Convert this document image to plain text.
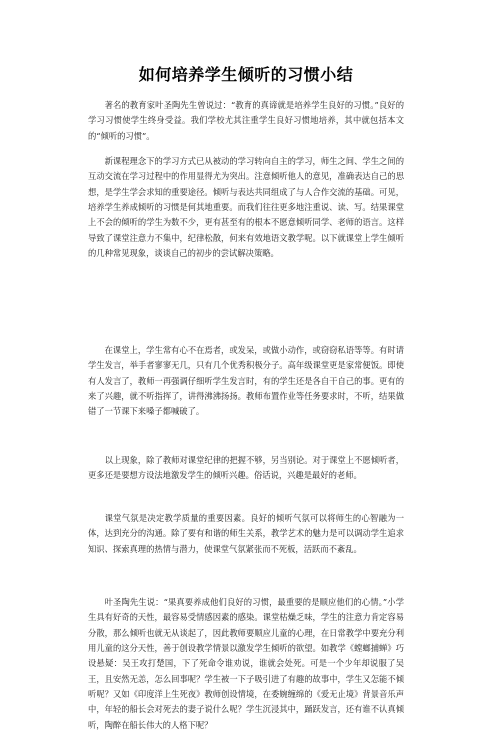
如何培养学生倾听的习惯小结

著名的教育家叶圣陶先生曾说过：“教育的真谛就是培养学生良好的习惯。”良好的学习习惯使学生终身受益。我们学校尤其注重学生良好习惯地培养，其中就包括本文的“倾听的习惯”。

新课程理念下的学习方式已从被动的学习转向自主的学习，师生之间、学生之间的互动交流在学习过程中的作用显得尤为突出。注意倾听他人的意见，准确表达自己的思想，是学生学会求知的重要途径。倾听与表达共同组成了与人合作交流的基础。可见，培养学生养成倾听的习惯是何其地重要。而我们往往更多地注重说、读、写。结果课堂上不会的倾听的学生为数不少，更有甚至有的根本不愿意倾听同学、老师的语言。这样导致了课堂注意力不集中，纪律松散，何来有效地语文教学呢。以下就课堂上学生倾听的几种常见现象，谈谈自己的初步的尝试解决策略。

在课堂上，学生常有心不在焉者，或发呆，或做小动作，或窃窃私语等等。有时请学生发言，举手者寥寥无几，只有几个优秀积极分子。高年级课堂更是家常便饭。即使有人发言了，教师一再强调仔细听学生发言时，有的学生还是各自干自己的事。更有的来了兴趣，就不听指挥了，讲得沸沸扬扬。教师布置作业等任务要求时，不听，结果做错了一节课下来嗓子都喊破了。

以上现象，除了教师对课堂纪律的把握不够，另当别论。对于课堂上不愿倾听者，更多还是要想方设法地激发学生的倾听兴趣。俗话说，兴趣是最好的老师。

课堂气氛是决定教学质量的重要因素。良好的倾听气氛可以将师生的心智融为一体，达到充分的沟通。除了要有和谐的师生关系，教学艺术的魅力是可以调动学生追求知识、探索真理的热情与潜力，使课堂气氛紧张而不死板，活跃而不紊乱。

叶圣陶先生说：“果真要养成他们良好的习惯，最重要的是顺应他们的心情。”小学生具有好奇的天性，最容易受情感因素的感染。课堂枯燥乏味，学生的注意力肯定容易分散，那么倾听也就无从谈起了，因此教师要顺应儿童的心理，在日常教学中要充分利用儿童的这分天性，善于创设教学情景以激发学生倾听的欲望。如教学《螳螂捕蝉》巧设悬疑：吴王攻打楚国，下了死命令谁劝说，谁就会处死。可是一个少年却说服了吴王，且安然无恙，怎么回事呢？学生被一下子吸引进了有趣的故事中，学生又怎能不倾听呢？又如《印度洋上生死夜》教师创设情境，在委婉缠绵的《爱无止境》背景音乐声中，年轻的船长会对死去的妻子说什么呢？学生沉浸其中，踊跃发言，还有谁不认真倾听，陶醉在船长伟大的人格下呢？
